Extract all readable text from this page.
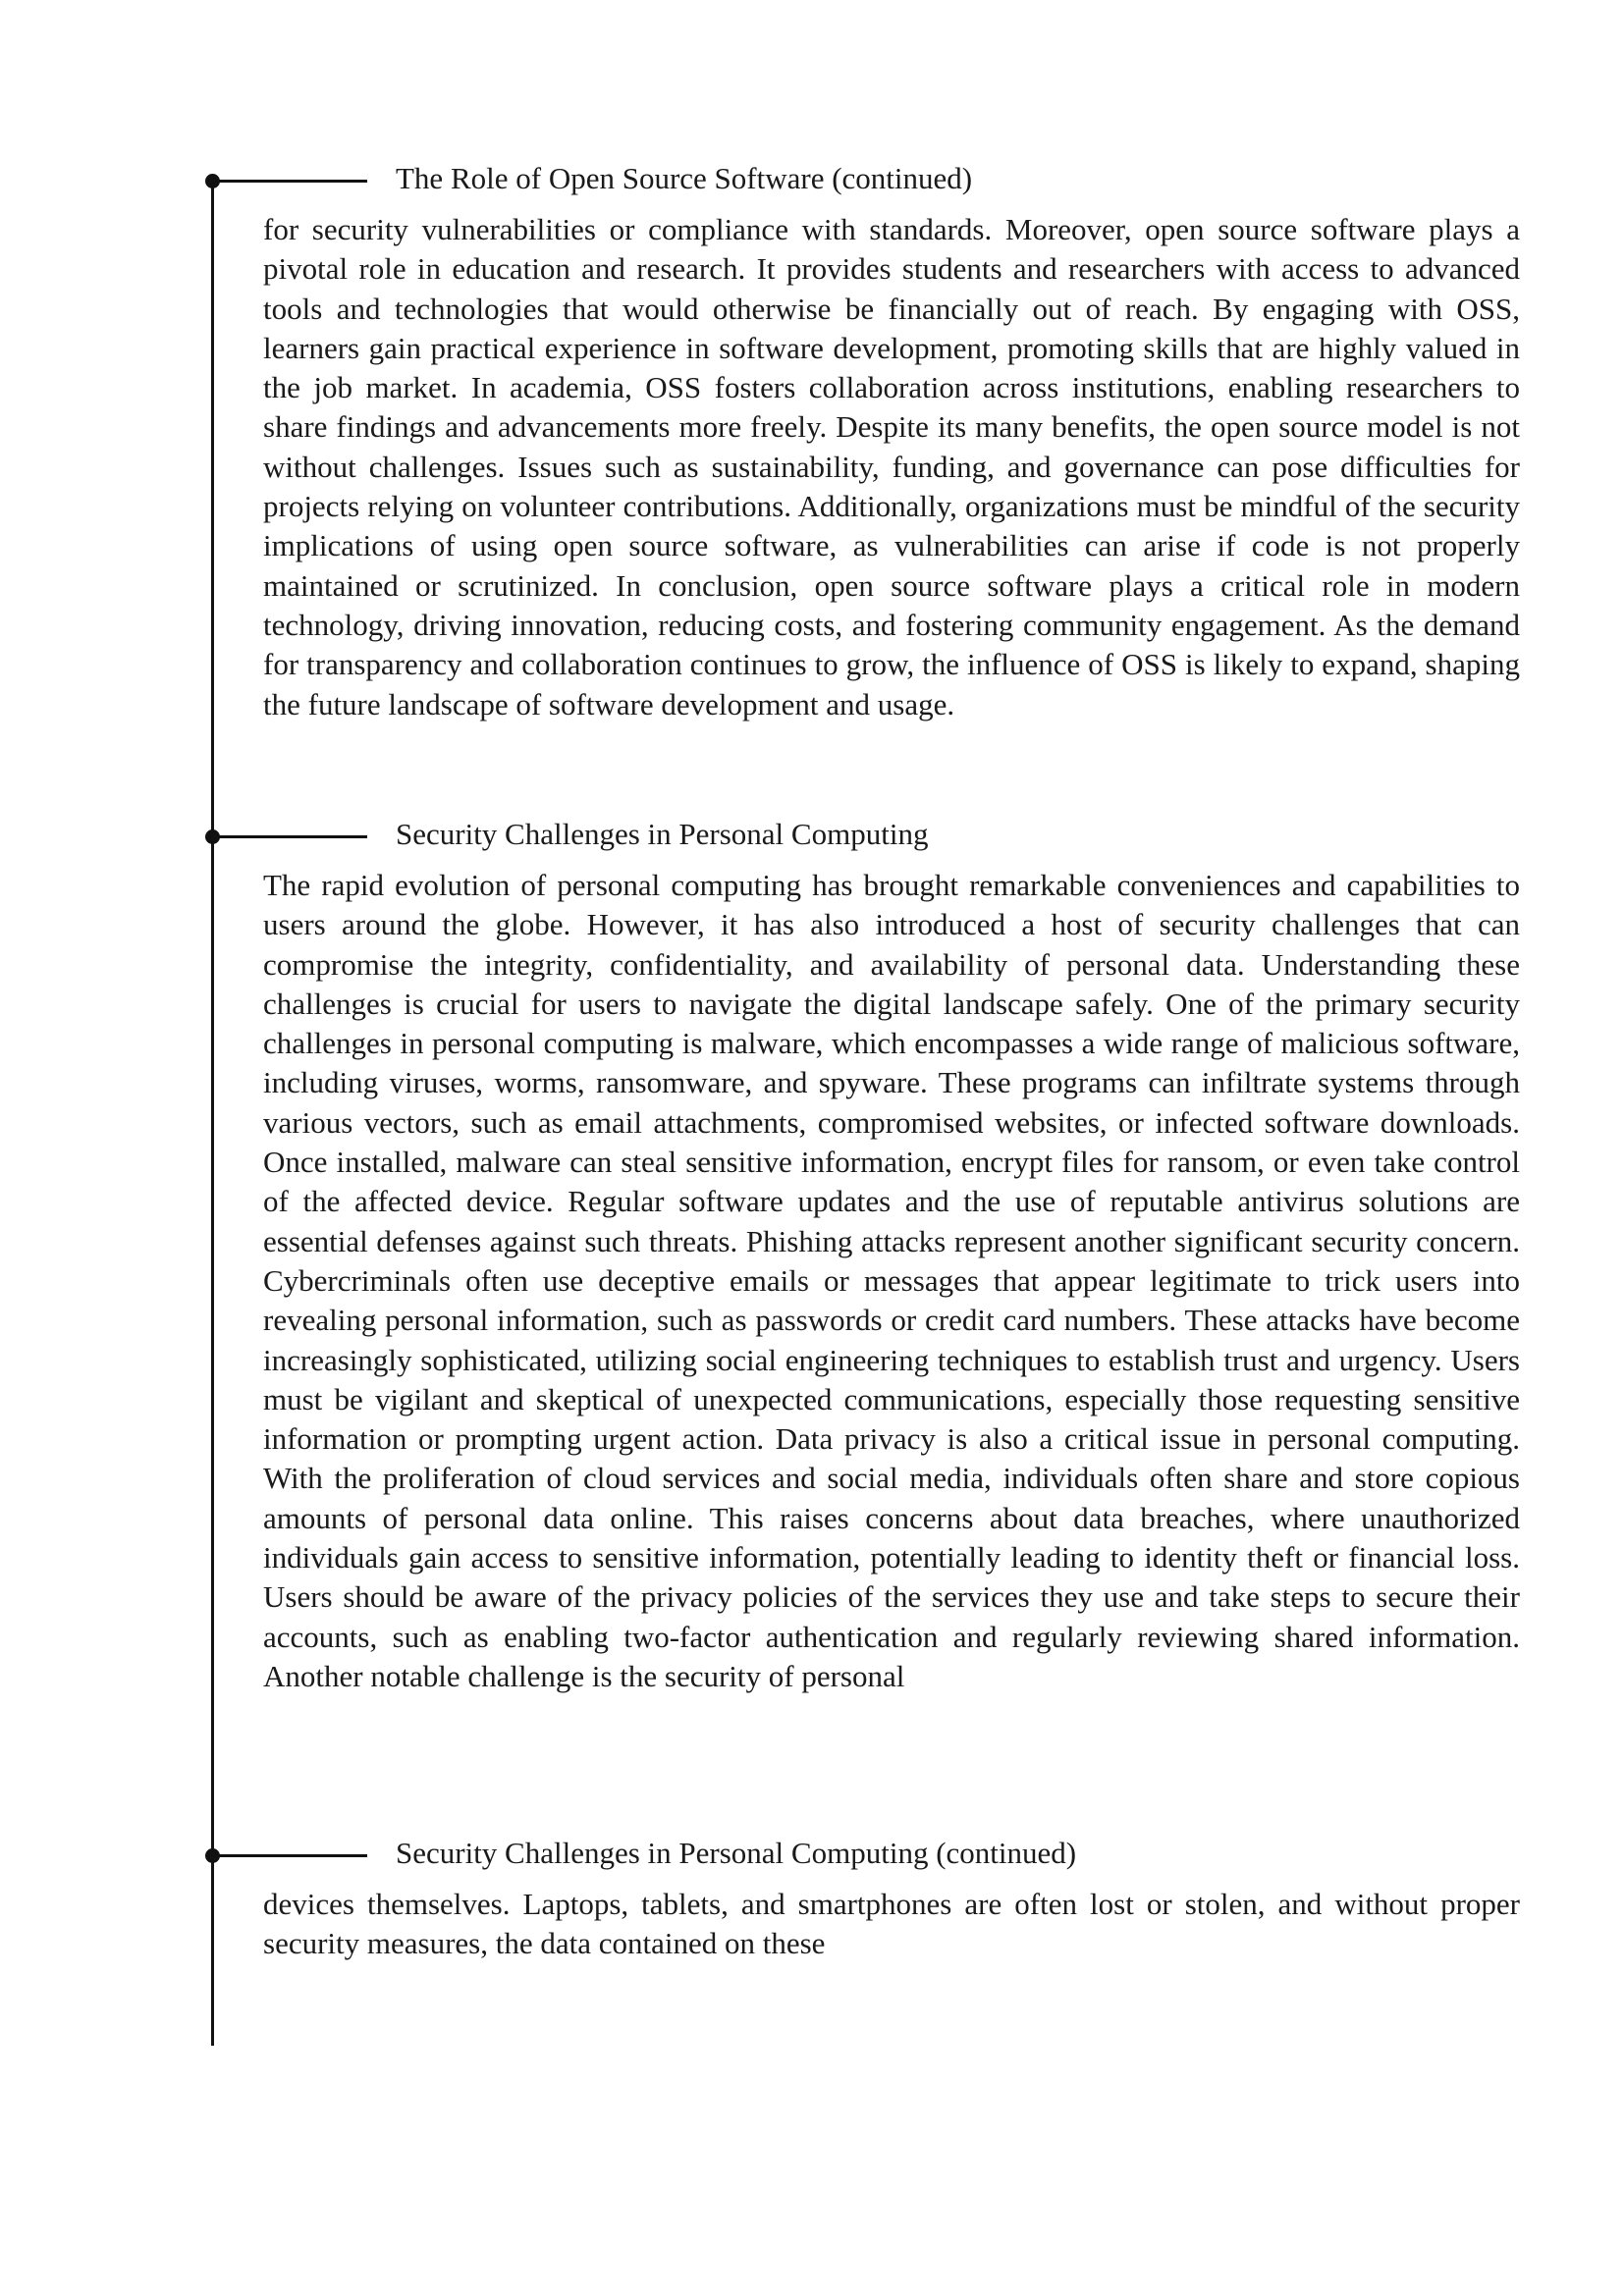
The Role of Open Source Software (continued)
for security vulnerabilities or compliance with standards. Moreover, open source software plays a pivotal role in education and research. It provides students and researchers with access to advanced tools and technologies that would otherwise be financially out of reach. By engaging with OSS, learners gain practical experience in software development, promoting skills that are highly valued in the job market. In academia, OSS fosters collaboration across institutions, enabling researchers to share findings and advancements more freely. Despite its many benefits, the open source model is not without challenges. Issues such as sustainability, funding, and governance can pose difficulties for projects relying on volunteer contributions. Additionally, organizations must be mindful of the security implications of using open source software, as vulnerabilities can arise if code is not properly maintained or scrutinized. In conclusion, open source software plays a critical role in modern technology, driving innovation, reducing costs, and fostering community engagement. As the demand for transparency and collaboration continues to grow, the influence of OSS is likely to expand, shaping the future landscape of software development and usage.
Security Challenges in Personal Computing
The rapid evolution of personal computing has brought remarkable conveniences and capabilities to users around the globe. However, it has also introduced a host of security challenges that can compromise the integrity, confidentiality, and availability of personal data. Understanding these challenges is crucial for users to navigate the digital landscape safely. One of the primary security challenges in personal computing is malware, which encompasses a wide range of malicious software, including viruses, worms, ransomware, and spyware. These programs can infiltrate systems through various vectors, such as email attachments, compromised websites, or infected software downloads. Once installed, malware can steal sensitive information, encrypt files for ransom, or even take control of the affected device. Regular software updates and the use of reputable antivirus solutions are essential defenses against such threats. Phishing attacks represent another significant security concern. Cybercriminals often use deceptive emails or messages that appear legitimate to trick users into revealing personal information, such as passwords or credit card numbers. These attacks have become increasingly sophisticated, utilizing social engineering techniques to establish trust and urgency. Users must be vigilant and skeptical of unexpected communications, especially those requesting sensitive information or prompting urgent action. Data privacy is also a critical issue in personal computing. With the proliferation of cloud services and social media, individuals often share and store copious amounts of personal data online. This raises concerns about data breaches, where unauthorized individuals gain access to sensitive information, potentially leading to identity theft or financial loss. Users should be aware of the privacy policies of the services they use and take steps to secure their accounts, such as enabling two-factor authentication and regularly reviewing shared information. Another notable challenge is the security of personal
Security Challenges in Personal Computing (continued)
devices themselves. Laptops, tablets, and smartphones are often lost or stolen, and without proper security measures, the data contained on these
